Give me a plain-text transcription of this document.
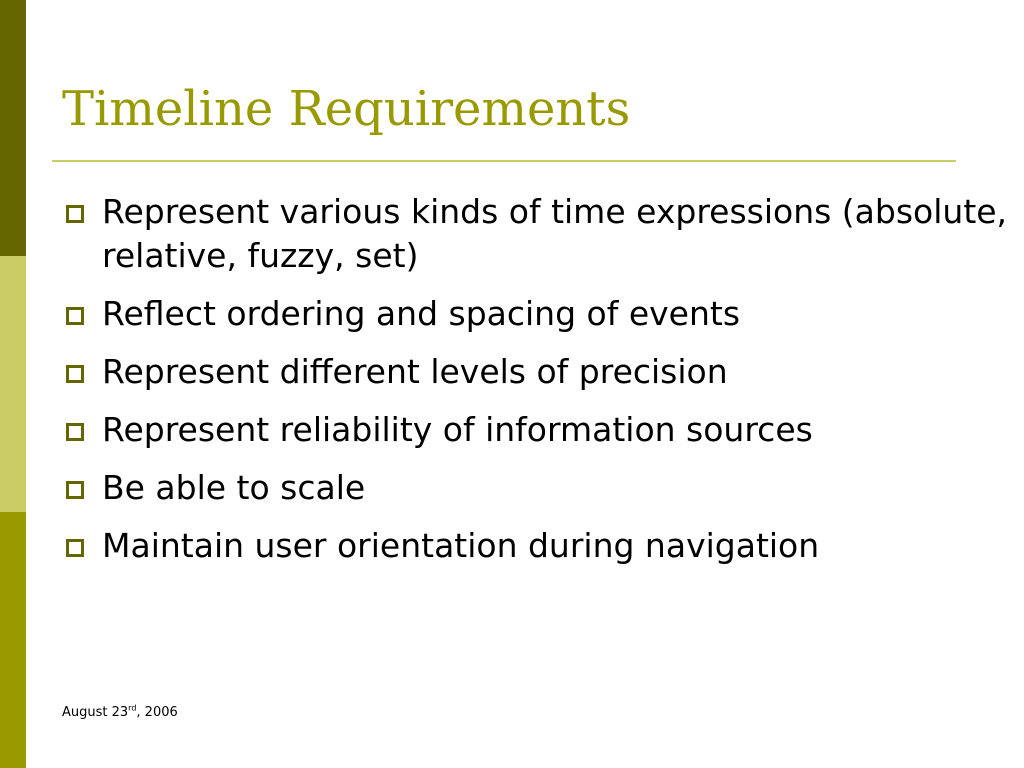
Timeline Requirements
Represent various kinds of time expressions (absolute, relative, fuzzy, set)
Reflect ordering and spacing of events
Represent different levels of precision
Represent reliability of information sources
Be able to scale
Maintain user orientation during navigation
August 23rd, 2006
